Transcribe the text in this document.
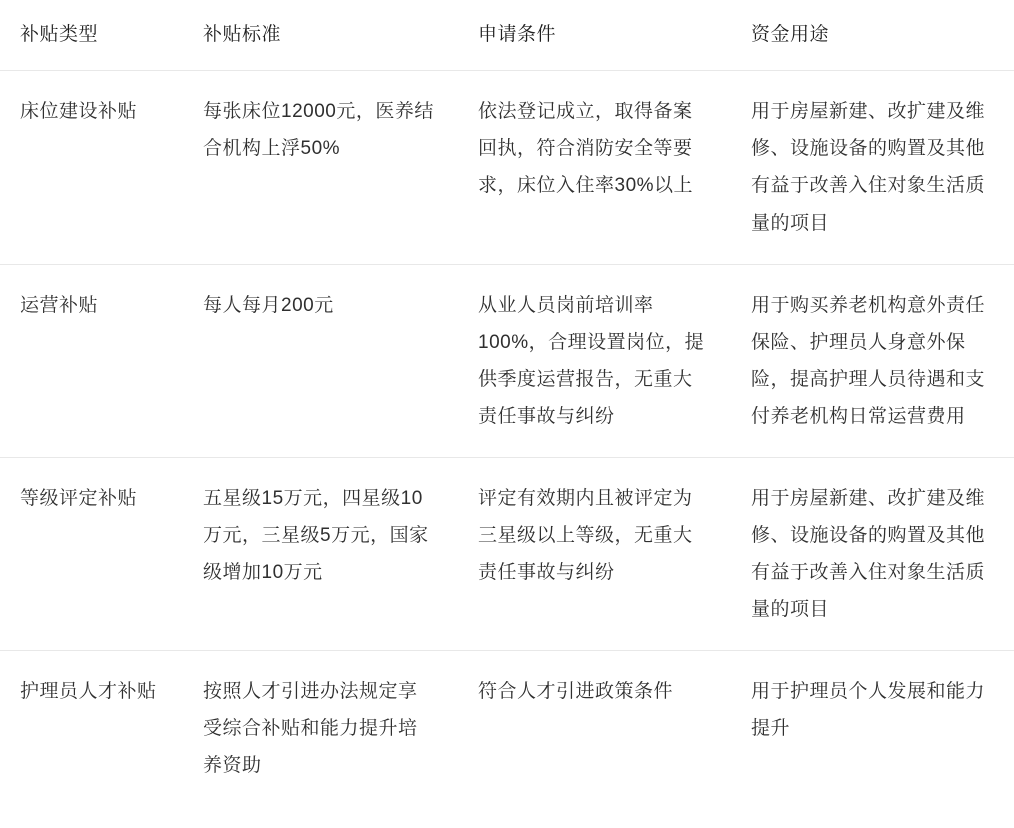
补贴类型	补贴标准	申请条件	资金用途

床位建设补贴	每张床位12000元，医养结合机构上浮50%	依法登记成立，取得备案回执，符合消防安全等要求，床位入住率30%以上	用于房屋新建、改扩建及维修、设施设备的购置及其他有益于改善入住对象生活质量的项目

运营补贴	每人每月200元	从业人员岗前培训率100%，合理设置岗位，提供季度运营报告，无重大责任事故与纠纷	用于购买养老机构意外责任保险、护理员人身意外保险，提高护理人员待遇和支付养老机构日常运营费用

等级评定补贴	五星级15万元，四星级10万元，三星级5万元，国家级增加10万元	评定有效期内且被评定为三星级以上等级，无重大责任事故与纠纷	用于房屋新建、改扩建及维修、设施设备的购置及其他有益于改善入住对象生活质量的项目

护理员人才补贴	按照人才引进办法规定享受综合补贴和能力提升培养资助	符合人才引进政策条件	用于护理员个人发展和能力提升
